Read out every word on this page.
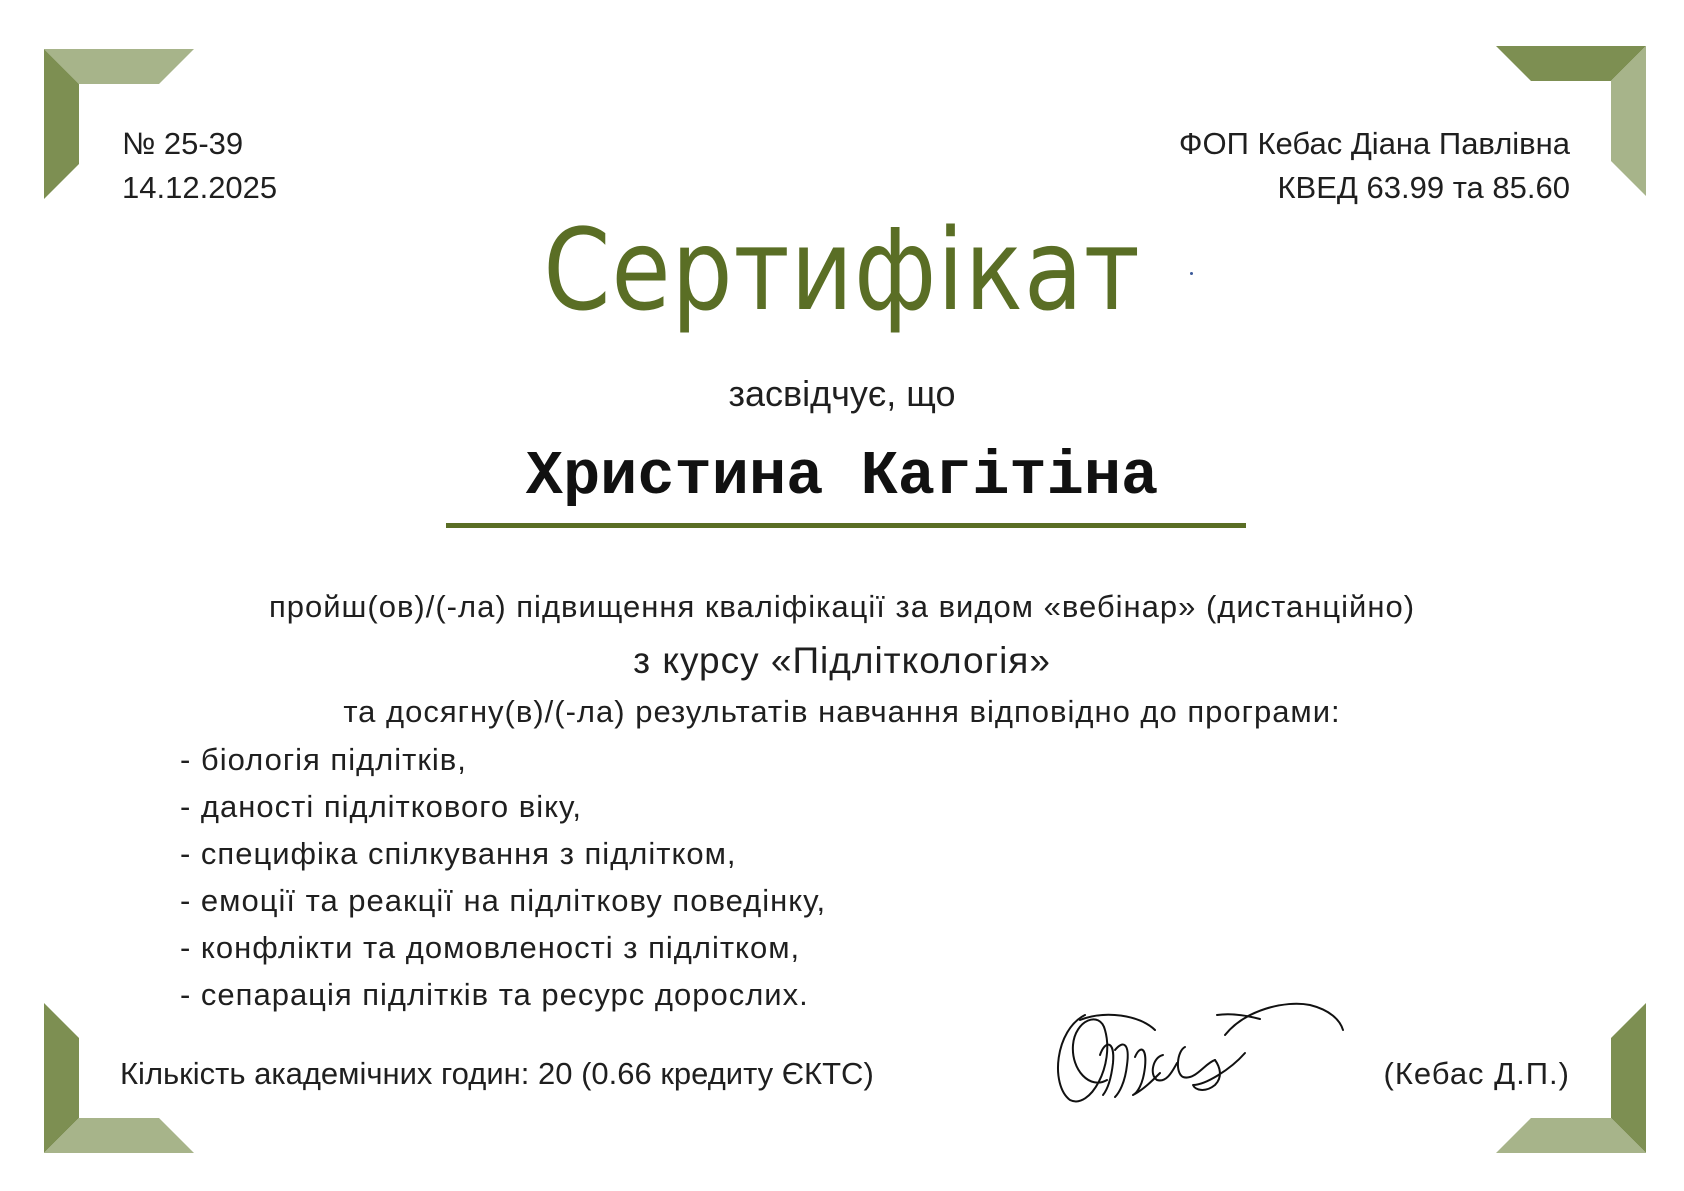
№ 25-39
14.12.2025
ФОП Кебас Діана Павлівна
КВЕД 63.99 та 85.60
Сертифікат
засвідчує, що
Христина Кагітіна
пройш(ов)/(-ла) підвищення кваліфікації за видом «вебінар» (дистанційно)
з курсу «Підліткологія»
та досягну(в)/(-ла) результатів навчання відповідно до програми:
- біологія підлітків,
- даності підліткового віку,
- специфіка спілкування з підлітком,
- емоції та реакції на підліткову поведінку,
- конфлікти та домовленості з підлітком,
- сепарація підлітків та ресурс дорослих.
Кількість академічних годин: 20 (0.66 кредиту ЄКТС)	(Кебас Д.П.)
